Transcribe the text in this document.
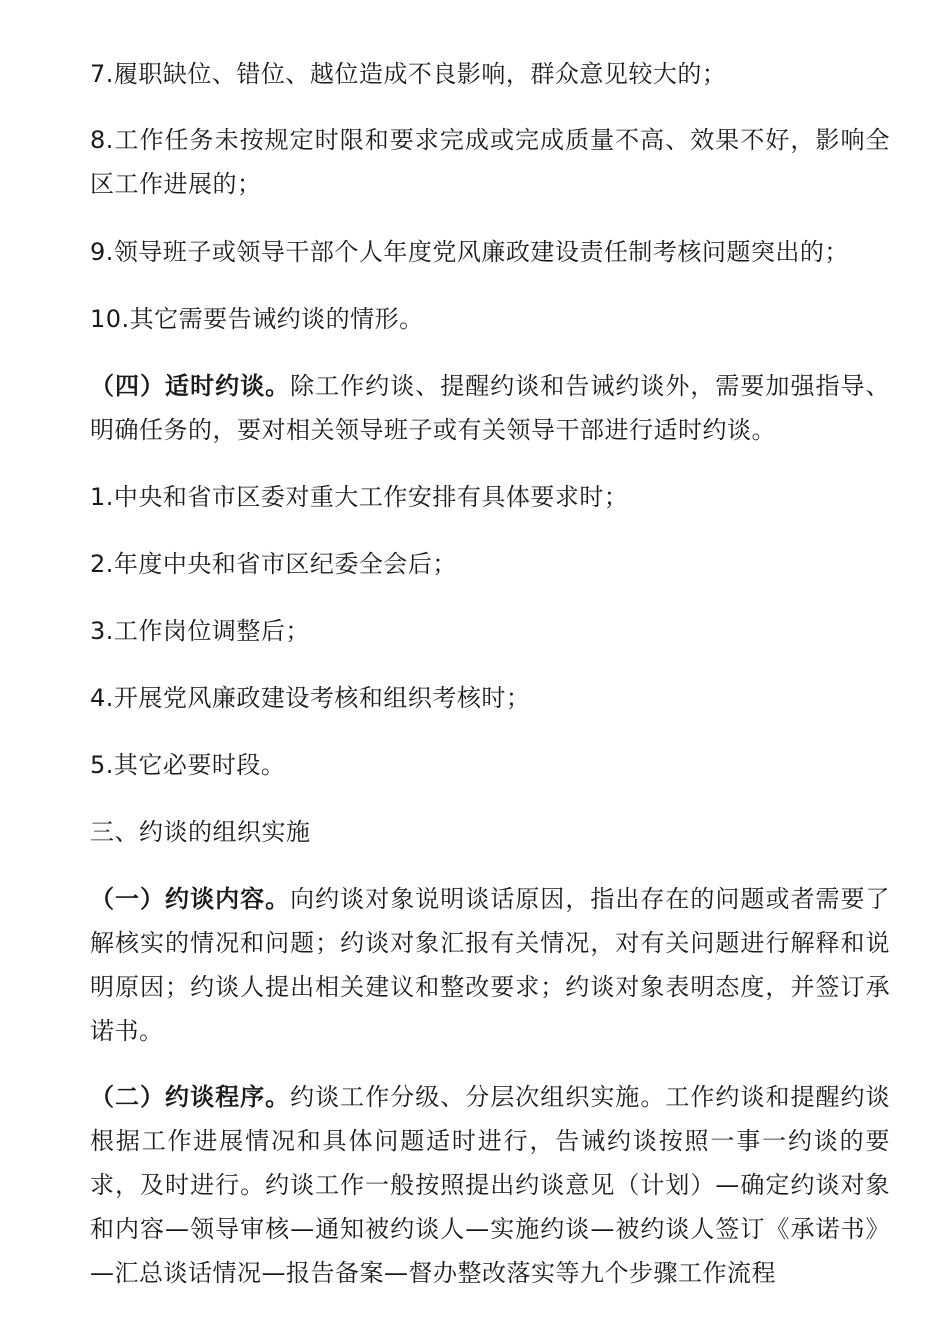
7.履职缺位、错位、越位造成不良影响，群众意见较大的；

8.工作任务未按规定时限和要求完成或完成质量不高、效果不好，影响全区工作进展的；

9.领导班子或领导干部个人年度党风廉政建设责任制考核问题突出的；

10.其它需要告诫约谈的情形。

（四）适时约谈。除工作约谈、提醒约谈和告诫约谈外，需要加强指导、明确任务的，要对相关领导班子或有关领导干部进行适时约谈。

1.中央和省市区委对重大工作安排有具体要求时；

2.年度中央和省市区纪委全会后；

3.工作岗位调整后；

4.开展党风廉政建设考核和组织考核时；

5.其它必要时段。

三、约谈的组织实施

（一）约谈内容。向约谈对象说明谈话原因，指出存在的问题或者需要了解核实的情况和问题；约谈对象汇报有关情况，对有关问题进行解释和说明原因；约谈人提出相关建议和整改要求；约谈对象表明态度，并签订承诺书。

（二）约谈程序。约谈工作分级、分层次组织实施。工作约谈和提醒约谈根据工作进展情况和具体问题适时进行，告诫约谈按照一事一约谈的要求，及时进行。约谈工作一般按照提出约谈意见（计划）—确定约谈对象和内容—领导审核—通知被约谈人—实施约谈—被约谈人签订《承诺书》—汇总谈话情况—报告备案—督办整改落实等九个步骤工作流程
